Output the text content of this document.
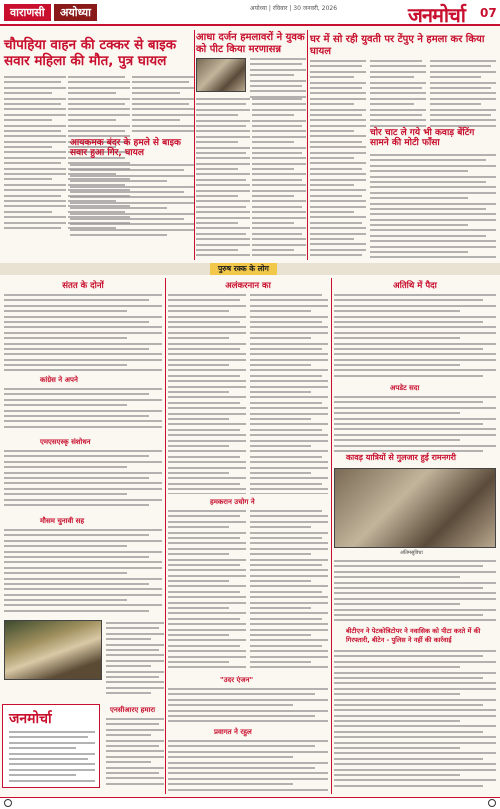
वाराणसी	अयोध्या	अयोध्या | रविवार | 30 जनवरी, 2026	जनमोर्चा 07
चौपहिया वाहन की टक्कर से बाइक सवार महिला की मौत, पुत्र घायल
आयकमक बंदर के हमले से बाइक सवार हुआ गिर, घायल
आधा दर्जन हमलावरों ने युवक को पीट किया मरणासन्न
घर में सो रही युवती पर टेंपुए ने हमला कर किया घायल
चोर चाट ले गये भी कवाड़ बेंटिंग सामने की मोटी फाँसा
पुरुष रक्क के लोग
संतत के दोनों
कांग्रेस ने अपने
एमएसएस्कृ संशोधन
मौसम चुनावी सह
एनसीआरए हमारा
जनमोर्चा
अलंकरनान का
हमकरान उचोग ने
"उदर एंजन"
प्रवागत ने रहुल
अतिथि में पैदा
अपडेट सदा
कावड़ यात्रियों से गुलजार हुई रामनगरी
अंतिमसुविधा
बीटीएन ने पेटकोत्रिटोपर ने नवासिक को पीटा करते में की गिरफ्तारी, बीटेन - पुलिस ने नहीं की कार्रवाई
